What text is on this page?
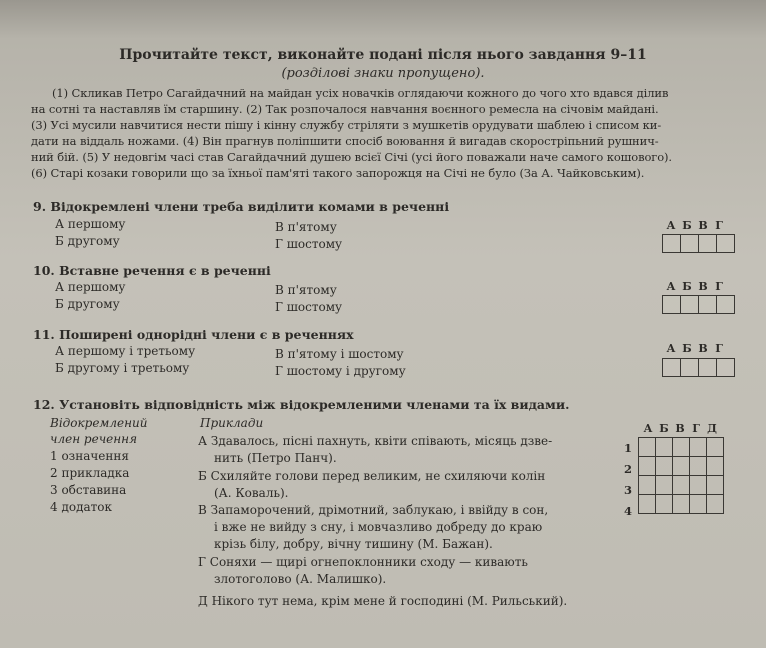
Прочитайте текст, виконайте подані після нього завдання 9–11
(розділові знаки пропущено).
(1) Скликав Петро Сагайдачний на майдан усіх новачків оглядаючи кожного до чого хто вдався ділив
на сотні та наставляв їм старшину. (2) Так розпочалося навчання воєнного ремесла на січовім майдані.
(3) Усі мусили навчитися нести пішу і кінну службу стріляти з мушкетів орудувати шаблею і списом ки-
дати на віддаль ножами. (4) Він прагнув поліпшити спосіб воювання й вигадав скоростріпьний рушнич-
ний бій. (5) У недовгім часі став Сагайдачний душею всієї Січі (усі його поважали наче самого кошового).
(6) Старі козаки говорили що за їхньої пам'яті такого запорожця на Січі не було (За А. Чайковським).
9. Відокремлені члени треба виділити комами в реченні
А першому
Б другому
В п'ятому
Г шостому
А Б В Г
10. Вставне речення є в реченні
А першому
Б другому
В п'ятому
Г шостому
А Б В Г
11. Поширені однорідні члени є в реченнях
А першому і третьому
Б другому і третьому
В п'ятому і шостому
Г шостому і другому
А Б В Г
12. Установіть відповідність між відокремленими членами та їх видами.
Відокремлений
член речення
Приклади
1 означення
2 прикладка
3 обставина
4 додаток
А Здавалось, пісні пахнуть, квіти співають, місяць дзве-
нить (Петро Панч).
Б Схиляйте голови перед великим, не схиляючи колін
(А. Коваль).
В Запаморочений, дрімотний, заблукаю, і ввійду в сон,
і вже не вийду з сну, і мовчазливо добреду до краю
крізь білу, добру, вічну тишину (М. Бажан).
Г Соняхи — щирі огнепоклонники сходу — кивають
злотоголово (А. Малишко).
Д Нікого тут нема, крім мене й господині (М. Рильський).
А Б В Г Д
1
2
3
4
